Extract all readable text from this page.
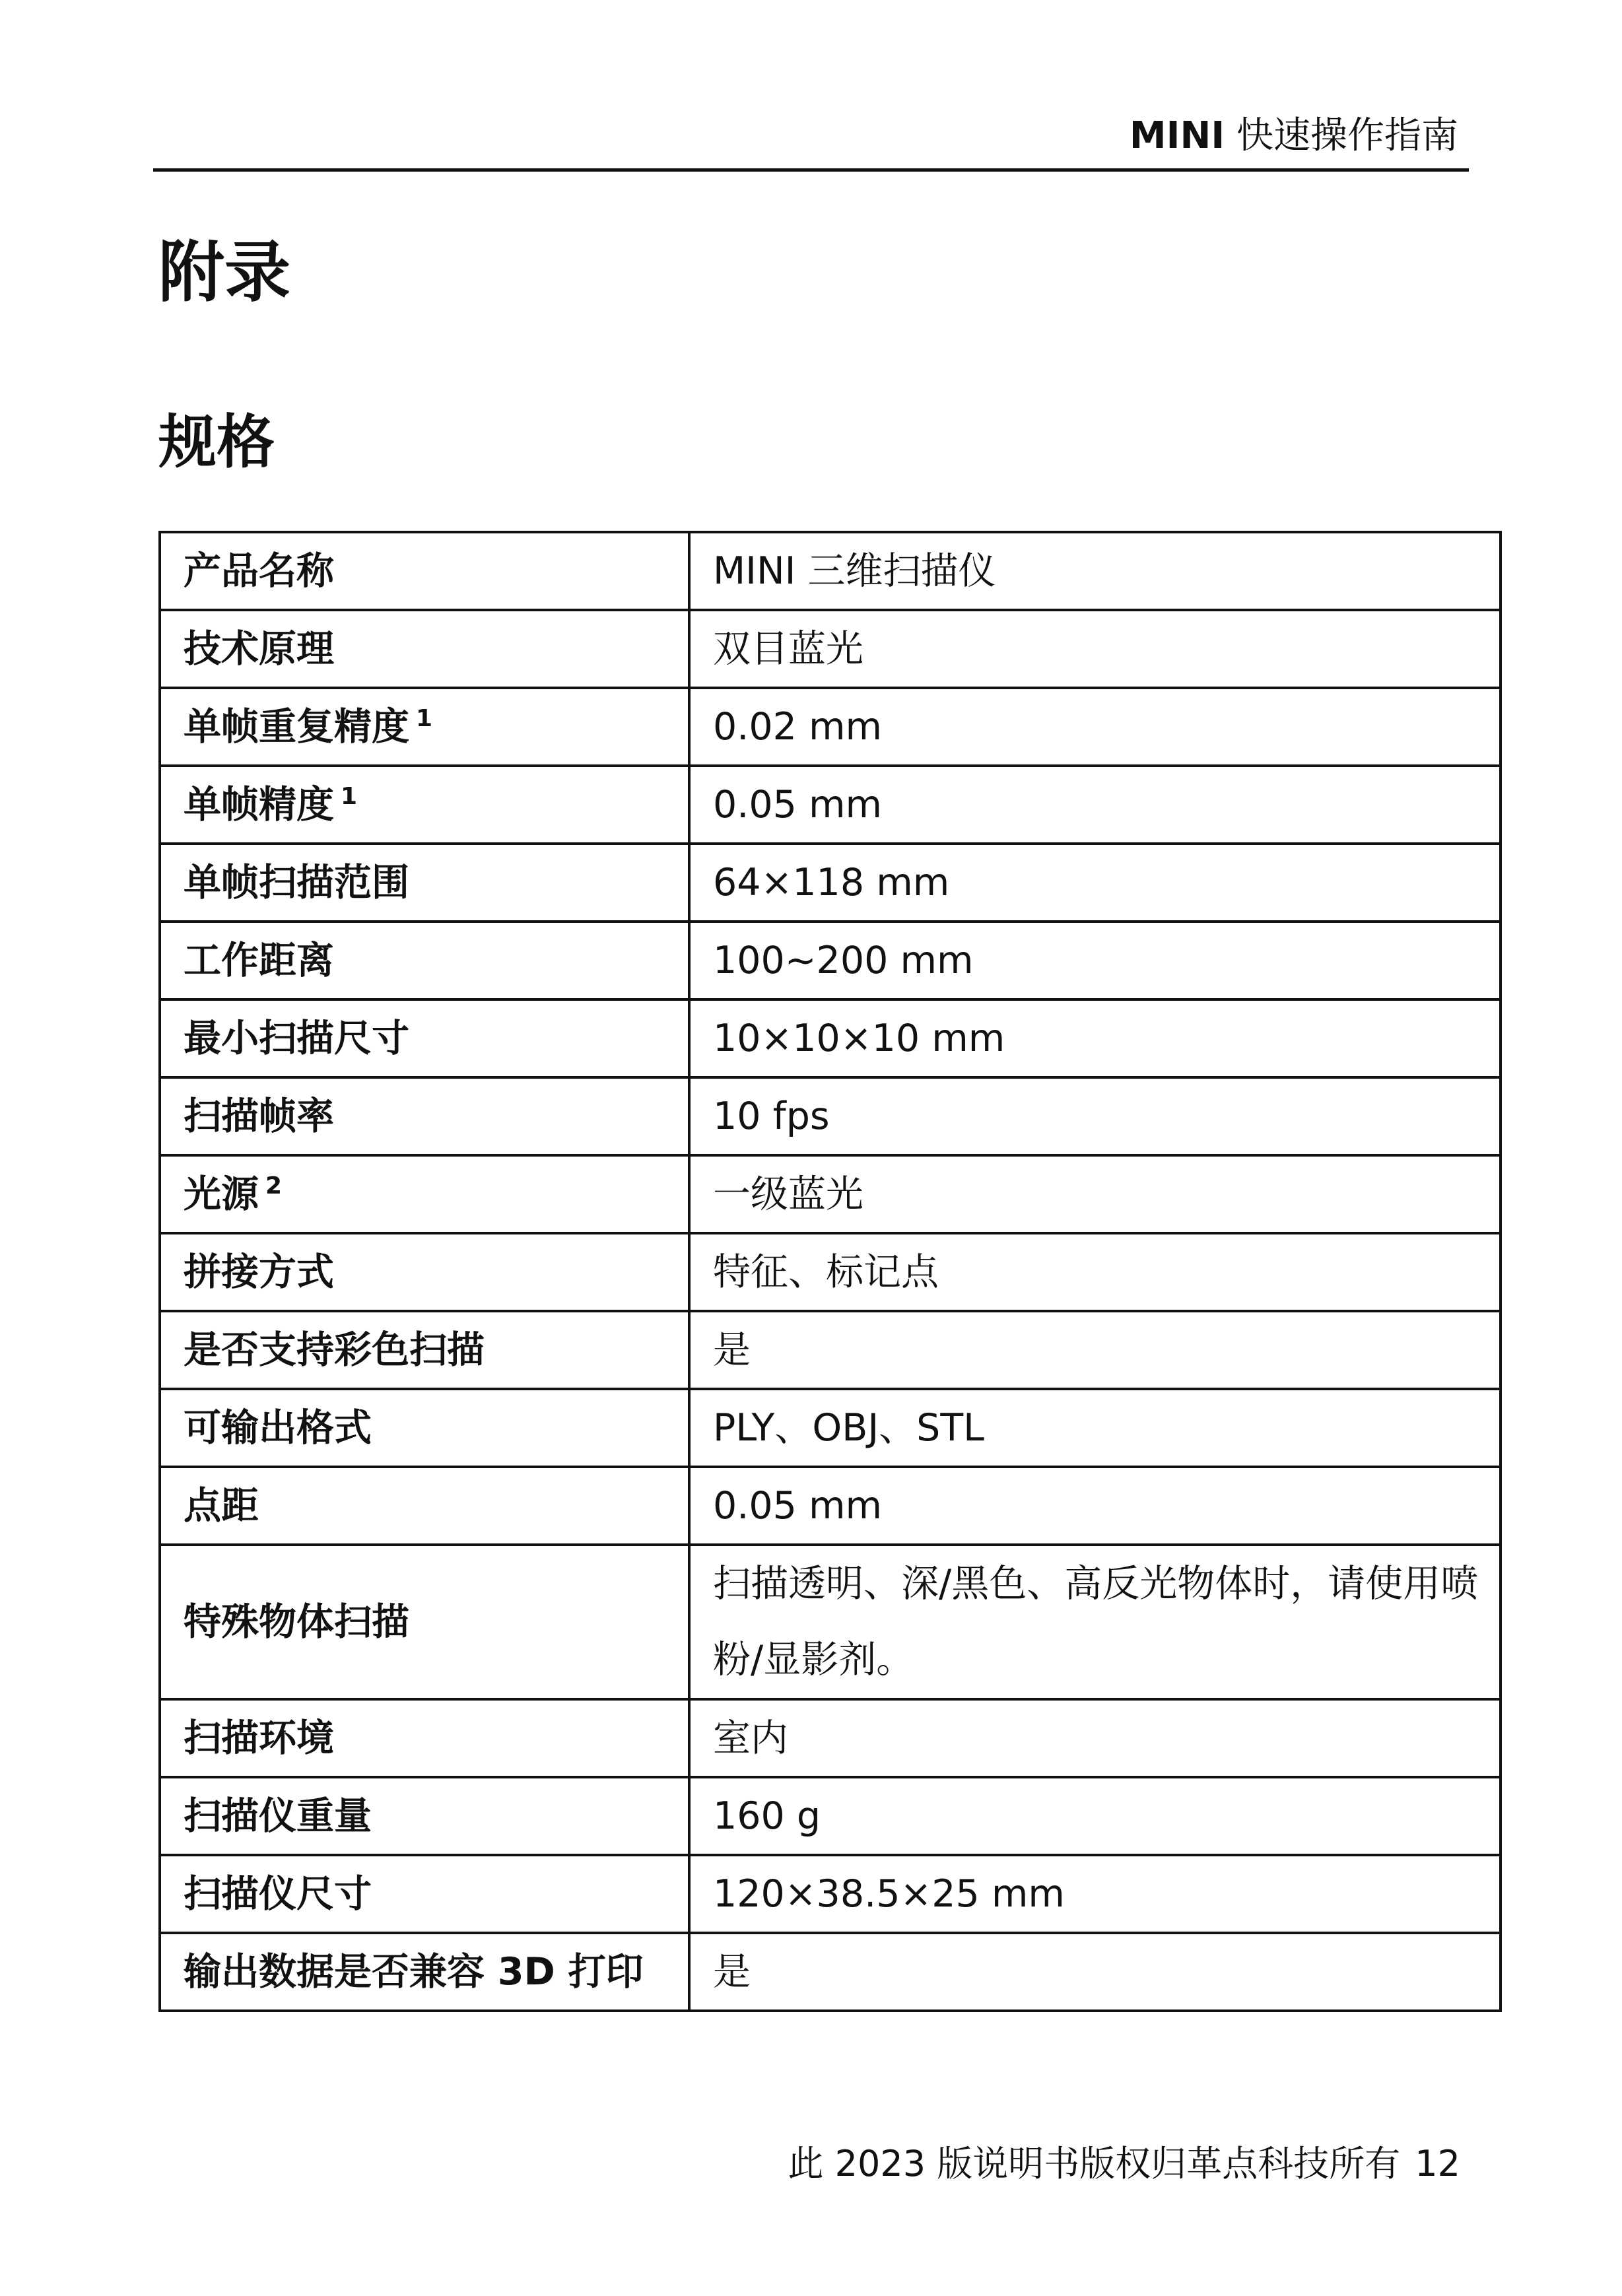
MINI 快速操作指南
附录
规格
产品名称	MINI 三维扫描仪
技术原理	双目蓝光
单帧重复精度 $^1$	0.02 mm
单帧精度 $^1$	0.05 mm
单帧扫描范围	64×118 mm
工作距离	100~200 mm
最小扫描尺寸	10×10×10 mm
扫描帧率	10 fps
光源 $^2$	一级蓝光
拼接方式	特征、标记点
是否支持彩色扫描	是
可输出格式	PLY、OBJ、STL
点距	0.05 mm
特殊物体扫描	扫描透明、深/黑色、高反光物体时，请使用喷粉/显影剂。
扫描环境	室内
扫描仪重量	160 g
扫描仪尺寸	120×38.5×25 mm
输出数据是否兼容 3D 打印	是
此 2023 版说明书版权归革点科技所有 12
